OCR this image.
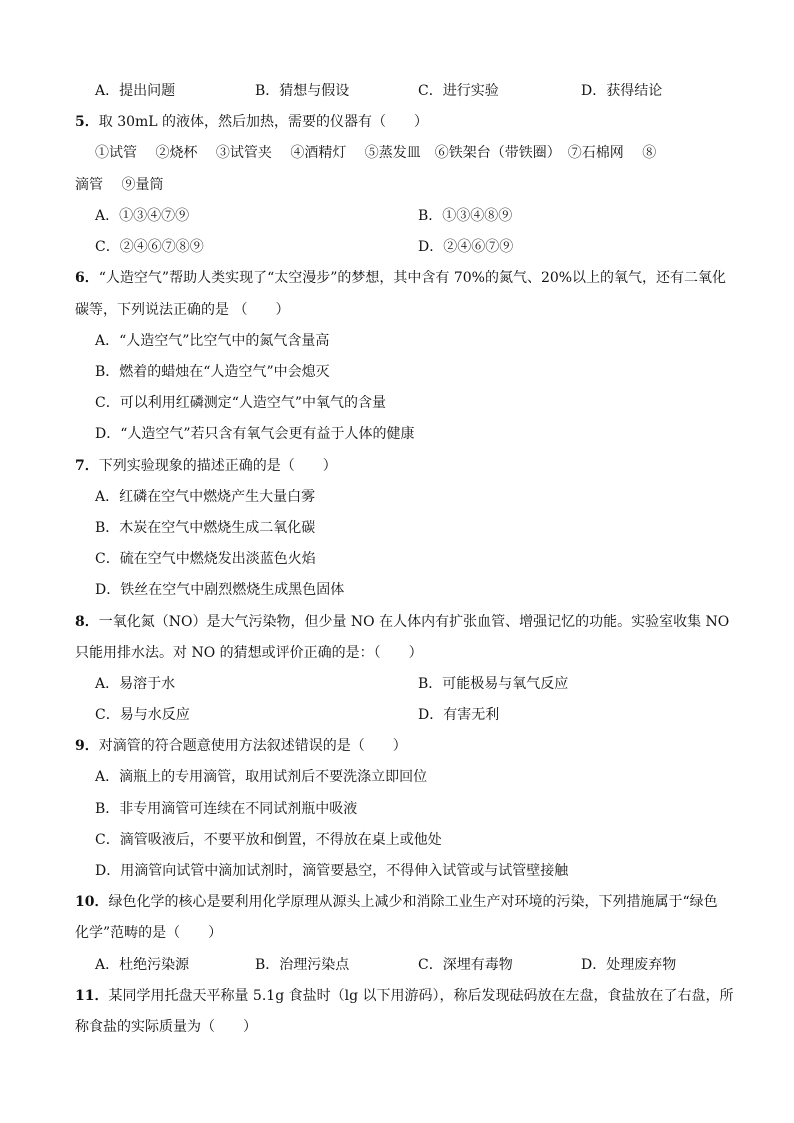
A．提出问题	B．猜想与假设	C．进行实验	D．获得结论
5．取 30mL 的液体，然后加热，需要的仪器有（　　）
①试管　 ②烧杯　 ③试管夹　 ④酒精灯　 ⑤蒸发皿　⑥铁架台（带铁圈）　⑦石棉网　 ⑧
滴管　 ⑨量筒
A．①③④⑦⑨	B．①③④⑧⑨
C．②④⑥⑦⑧⑨	D．②④⑥⑦⑨
6．“人造空气”帮助人类实现了“太空漫步”的梦想，其中含有 70%的氮气、20%以上的氧气，还有二氧化
碳等，下列说法正确的是 （　　）
A．“人造空气”比空气中的氮气含量高
B．燃着的蜡烛在“人造空气”中会熄灭
C．可以利用红磷测定“人造空气”中氧气的含量
D．“人造空气”若只含有氧气会更有益于人体的健康
7．下列实验现象的描述正确的是（　　）
A．红磷在空气中燃烧产生大量白雾
B．木炭在空气中燃烧生成二氧化碳
C．硫在空气中燃烧发出淡蓝色火焰
D．铁丝在空气中剧烈燃烧生成黑色固体
8．一氧化氮（NO）是大气污染物，但少量 NO 在人体内有扩张血管、增强记忆的功能。实验室收集 NO
只能用排水法。对 NO 的猜想或评价正确的是：（　　）
A．易溶于水	B．可能极易与氧气反应
C．易与水反应	D．有害无利
9．对滴管的符合题意使用方法叙述错误的是（　　）
A．滴瓶上的专用滴管，取用试剂后不要洗涤立即回位
B．非专用滴管可连续在不同试剂瓶中吸液
C．滴管吸液后，不要平放和倒置，不得放在桌上或他处
D．用滴管向试管中滴加试剂时，滴管要悬空，不得伸入试管或与试管壁接触
10．绿色化学的核心是要利用化学原理从源头上减少和消除工业生产对环境的污染，下列措施属于“绿色
化学”范畴的是（　　）
A．杜绝污染源	B．治理污染点	C．深埋有毒物	D．处理废弃物
11．某同学用托盘天平称量 5.1g 食盐时（lg 以下用游码），称后发现砝码放在左盘，食盐放在了右盘，所
称食盐的实际质量为（　　）
